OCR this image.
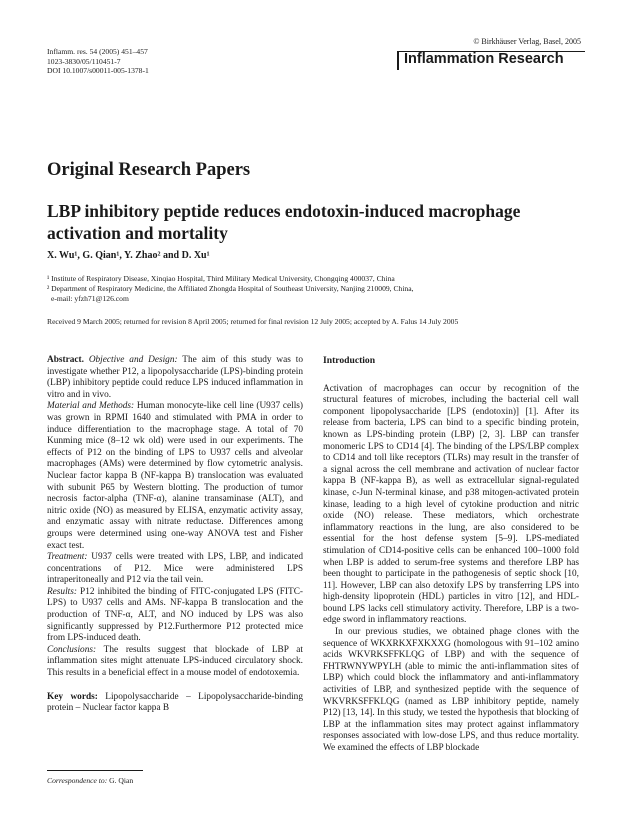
Inflamm. res. 54 (2005) 451–457
1023-3830/05/110451-7
DOI 10.1007/s00011-005-1378-1
© Birkhäuser Verlag, Basel, 2005
Inflammation Research
Original Research Papers
LBP inhibitory peptide reduces endotoxin-induced macrophage activation and mortality
X. Wu¹, G. Qian¹, Y. Zhao² and D. Xu¹
¹ Institute of Respiratory Disease, Xinqiao Hospital, Third Military Medical University, Chongqing 400037, China
² Department of Respiratory Medicine, the Affiliated Zhongda Hospital of Southeast University, Nanjing 210009, China,
e-mail: yfzh71@126.com
Received 9 March 2005; returned for revision 8 April 2005; returned for final revision 12 July 2005; accepted by A. Falus 14 July 2005

Abstract. Objective and Design: The aim of this study was to investigate whether P12, a lipopolysaccharide (LPS)-binding protein (LBP) inhibitory peptide could reduce LPS induced inflammation in vitro and in vivo.

Material and Methods: Human monocyte-like cell line (U937 cells) was grown in RPMI 1640 and stimulated with PMA in order to induce differentiation to the macrophage stage. A total of 70 Kunming mice (8–12 wk old) were used in our experiments. The effects of P12 on the binding of LPS to U937 cells and alveolar macrophages (AMs) were determined by flow cytometric analysis. Nuclear factor kappa B (NF-kappa B) translocation was evaluated with subunit P65 by Western blotting. The production of tumor necrosis factor-alpha (TNF-α), alanine transaminase (ALT), and nitric oxide (NO) as measured by ELISA, enzymatic activity assay, and enzymatic assay with nitrate reductase. Differences among groups were determined using one-way ANOVA test and Fisher exact test.

Treatment: U937 cells were treated with LPS, LBP, and indicated concentrations of P12. Mice were administered LPS intraperitoneally and P12 via the tail vein.

Results: P12 inhibited the binding of FITC-conjugated LPS (FITC-LPS) to U937 cells and AMs. NF-kappa B translocation and the production of TNF-α, ALT, and NO induced by LPS was also significantly suppressed by P12.Furthermore P12 protected mice from LPS-induced death.

Conclusions: The results suggest that blockade of LBP at inflammation sites might attenuate LPS-induced circulatory shock. This results in a beneficial effect in a mouse model of endotoxemia.

Key words: Lipopolysaccharide – Lipopolysaccharide-binding protein – Nuclear factor kappa B

Correspondence to: G. Qian
Introduction

Activation of macrophages can occur by recognition of the structural features of microbes, including the bacterial cell wall component lipopolysaccharide [LPS (endotoxin)] [1]. After its release from bacteria, LPS can bind to a specific binding protein, known as LPS-binding protein (LBP) [2, 3]. LBP can transfer monomeric LPS to CD14 [4]. The binding of the LPS/LBP complex to CD14 and toll like receptors (TLRs) may result in the transfer of a signal across the cell membrane and activation of nuclear factor kappa B (NF-kappa B), as well as extracellular signal-regulated kinase, c-Jun N-terminal kinase, and p38 mitogen-activated protein kinase, leading to a high level of cytokine production and nitric oxide (NO) release. These mediators, which orchestrate inflammatory reactions in the lung, are also considered to be essential for the host defense system [5–9]. LPS-mediated stimulation of CD14-positive cells can be enhanced 100–1000 fold when LBP is added to serum-free systems and therefore LBP has been thought to participate in the pathogenesis of septic shock [10, 11]. However, LBP can also detoxify LPS by transferring LPS into high-density lipoprotein (HDL) particles in vitro [12], and HDL-bound LPS lacks cell stimulatory activity. Therefore, LBP is a two-edge sword in inflammatory reactions.

In our previous studies, we obtained phage clones with the sequence of WKXRKXFXKXXG (homologous with 91–102 amino acids WKVRKSFFKLQG of LBP) and with the sequence of FHTRWNYWPYLH (able to mimic the anti-inflammation sites of LBP) which could block the inflammatory and anti-inflammatory activities of LBP, and synthesized peptide with the sequence of WKVRKSFFKLQG (named as LBP inhibitory peptide, namely P12) [13, 14]. In this study, we tested the hypothesis that blocking of LBP at the inflammation sites may protect against inflammatory responses associated with low-dose LPS, and thus reduce mortality. We examined the effects of LBP blockade
